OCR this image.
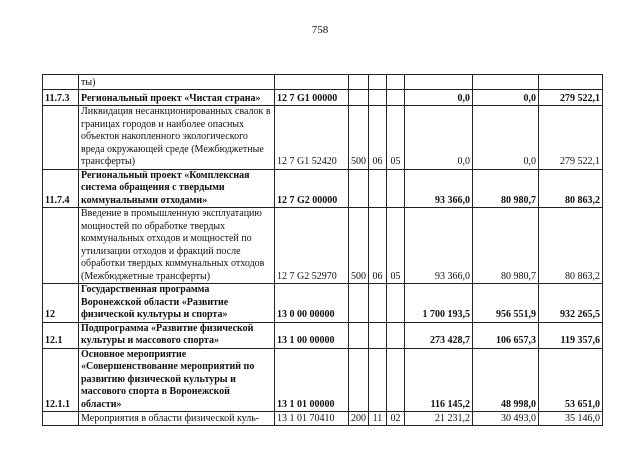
758
	ты)							
11.7.3	Региональный проект «Чистая страна»	12 7 G1 00000				0,0	0,0	279 522,1
	Ликвидация несанкционированных свалок в границах городов и наиболее опасных объектов накопленного экологического вреда окружающей среде (Межбюджетные трансферты)	12 7 G1 52420	500	06	05	0,0	0,0	279 522,1
11.7.4	Региональный проект «Комплексная система обращения с твердыми коммунальными отходами»	12 7 G2 00000				93 366,0	80 980,7	80 863,2
	Введение в промышленную эксплуатацию мощностей по обработке твердых коммунальных отходов и мощностей по утилизации отходов и фракций после обработки твердых коммунальных отходов (Межбюджетные трансферты)	12 7 G2 52970	500	06	05	93 366,0	80 980,7	80 863,2
12	Государственная программа Воронежской области «Развитие физической культуры и спорта»	13 0 00 00000				1 700 193,5	956 551,9	932 265,5
12.1	Подпрограмма «Развитие физической культуры и массового спорта»	13 1 00 00000				273 428,7	106 657,3	119 357,6
12.1.1	Основное мероприятие «Совершенствование мероприятий по развитию физической культуры и массового спорта в Воронежской области»	13 1 01 00000				116 145,2	48 998,0	53 651,0
	Мероприятия в области физической куль-	13 1 01 70410	200	11	02	21 231,2	30 493,0	35 146,0
